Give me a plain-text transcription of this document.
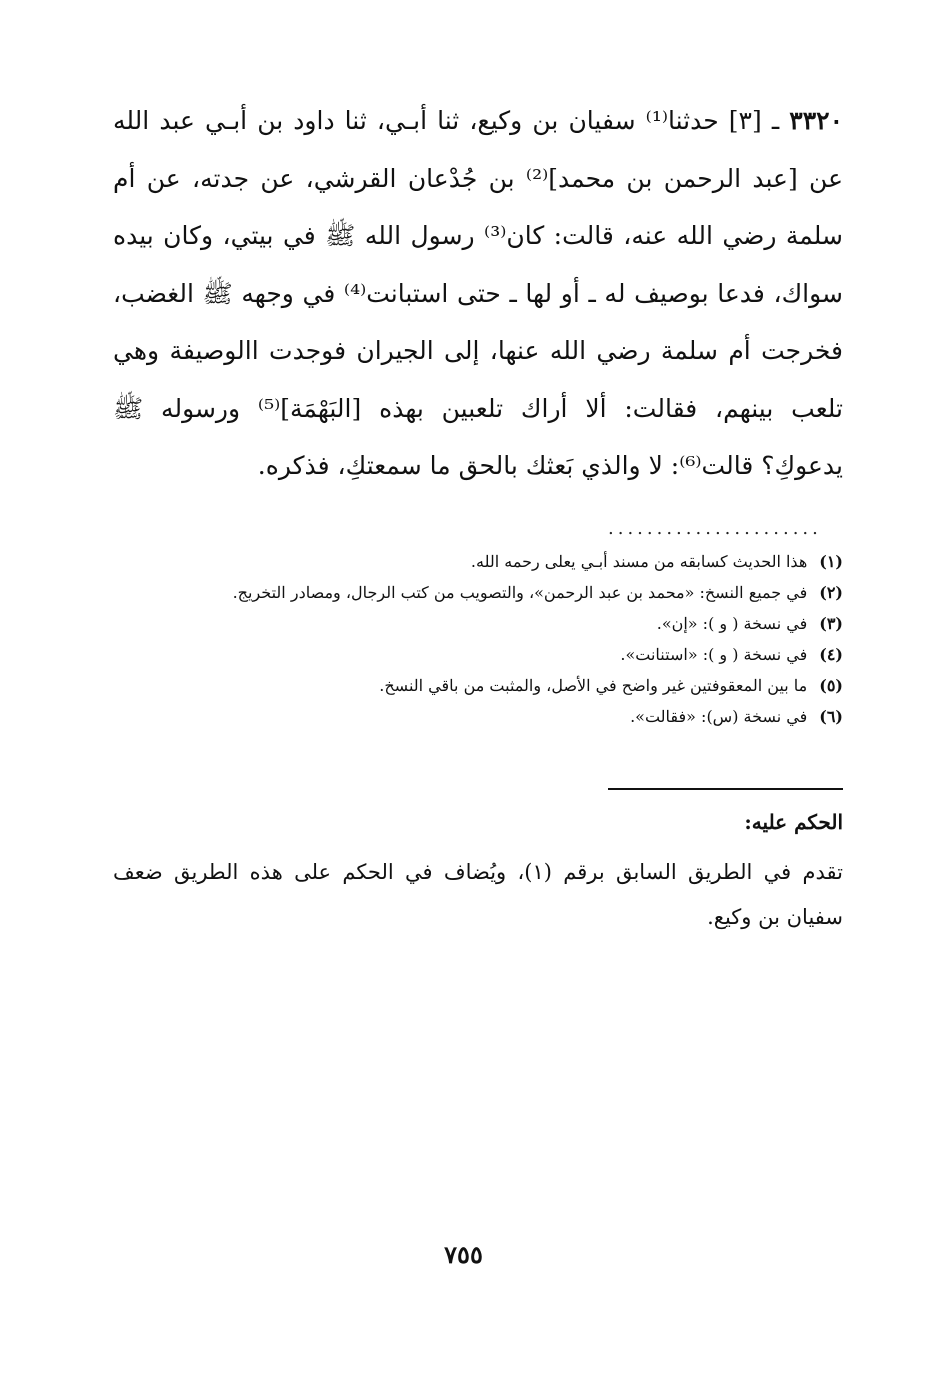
٣٣٢٠ ـ [٣] حدثنا⁽¹⁾ سفيان بن وكيع، ثنا أبـي، ثنا داود بن أبـي عبد الله عن [عبد الرحمن بن محمد]⁽²⁾ بن جُدْعان القرشي، عن جدته، عن أم سلمة رضي الله عنه، قالت: كان⁽³⁾ رسول الله ﷺ في بيتي، وكان بيده سواك، فدعا بوصيف له ـ أو لها ـ حتى استبانت⁽⁴⁾ في وجهه ﷺ الغضب، فخرجت أم سلمة رضي الله عنها، إلى الجيران فوجدت االوصيفة وهي تلعب بينهم، فقالت: ألا أراك تلعبين بهذه [البَهْمَة]⁽⁵⁾ ورسوله ﷺ يدعوكِ؟ قالت⁽⁶⁾: لا والذي بَعثك بالحق ما سمعتكِ، فذكره.

......................
(١)هذا الحديث كسابقه من مسند أبـي يعلى رحمه الله.
(٢)في جميع النسخ: «محمد بن عبد الرحمن»، والتصويب من كتب الرجال، ومصادر التخريج.
(٣)في نسخة ( و ): «إن».
(٤)في نسخة ( و ): «استنانت».
(٥)ما بين المعقوفتين غير واضح في الأصل، والمثبت من باقي النسخ.
(٦)في نسخة (س): «فقالت».
الحكم عليه:

تقدم في الطريق السابق برقم (١)، ويُضاف في الحكم على هذه الطريق ضعف سفيان بن وكيع.

٧٥٥
